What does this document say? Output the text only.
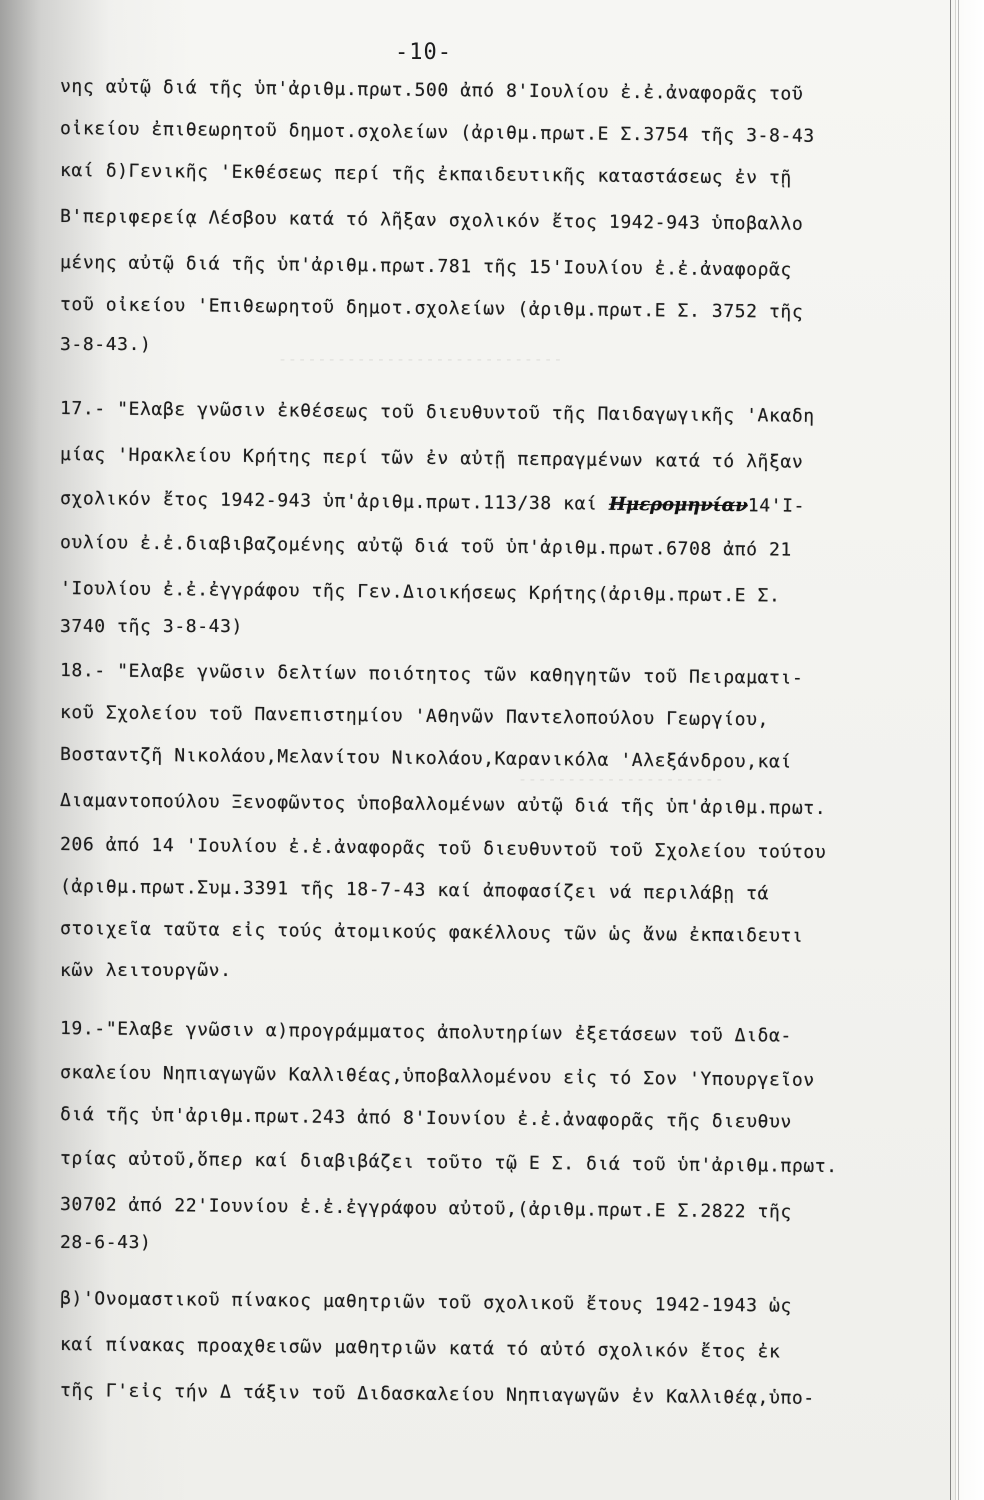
- - - - - - - - - - - - - - - - - - - - - - - - - - - - -
- - - - - - - - - - - - - - - - - - - - -
-10-
νης αὐτῷ διά τῆς ὑπ'ἀριθμ.πρωτ.500 ἀπό 8'Ιουλίου ἐ.ἐ.ἀναφορᾶς τοῦ
οἰκείου ἐπιθεωρητοῦ δημοτ.σχολείων (ἀριθμ.πρωτ.Ε Σ.3754 τῆς 3-8-43
καί δ)Γενικῆς 'Εκθέσεως περί τῆς ἐκπαιδευτικῆς καταστάσεως ἐν τῇ
Β'περιφερείᾳ Λέσβου κατά τό λῆξαν σχολικόν ἔτος 1942-943 ὑποβαλλο
μένης αὐτῷ διά τῆς ὑπ'ἀριθμ.πρωτ.781 τῆς 15'Ιουλίου ἐ.ἐ.ἀναφορᾶς
τοῦ οἰκείου 'Επιθεωρητοῦ δημοτ.σχολείων (ἀριθμ.πρωτ.Ε Σ. 3752 τῆς
3-8-43.)
17.- "Ελαβε γνῶσιν ἐκθέσεως τοῦ διευθυντοῦ τῆς Παιδαγωγικῆς 'Ακαδη
μίας 'Ηρακλείου Κρήτης περί τῶν ἐν αὐτῇ πεπραγμένων κατά τό λῆξαν
σχολικόν ἔτος 1942-943 ὑπ'ἀριθμ.πρωτ.113/38 καί Ημερομηνίαν14'Ι-
ουλίου ἐ.ἐ.διαβιβαζομένης αὐτῷ διά τοῦ ὑπ'ἀριθμ.πρωτ.6708 ἀπό 21
'Ιουλίου ἐ.ἐ.ἐγγράφου τῆς Γεν.Διοικήσεως Κρήτης(ἀριθμ.πρωτ.Ε Σ.
3740 τῆς 3-8-43)
18.- "Ελαβε γνῶσιν δελτίων ποιότητος τῶν καθηγητῶν τοῦ Πειραματι-
κοῦ Σχολείου τοῦ Πανεπιστημίου 'Αθηνῶν Παντελοπούλου Γεωργίου,
Βοσταντζῆ Νικολάου,Μελανίτου Νικολάου,Καρανικόλα 'Αλεξάνδρου,καί
Διαμαντοπούλου Ξενοφῶντος ὑποβαλλομένων αὐτῷ διά τῆς ὑπ'ἀριθμ.πρωτ.
206 ἀπό 14 'Ιουλίου ἐ.ἐ.ἀναφορᾶς τοῦ διευθυντοῦ τοῦ Σχολείου τούτου
(ἀριθμ.πρωτ.Συμ.3391 τῆς 18-7-43 καί ἀποφασίζει νά περιλάβῃ τά
στοιχεῖα ταῦτα εἰς τούς ἀτομικούς φακέλλους τῶν ὡς ἄνω ἐκπαιδευτι
κῶν λειτουργῶν.
19.-"Ελαβε γνῶσιν α)προγράμματος ἀπολυτηρίων ἐξετάσεων τοῦ Διδα-
σκαλείου Νηπιαγωγῶν Καλλιθέας,ὑποβαλλομένου εἰς τό Σον 'Υπουργεῖον
διά τῆς ὑπ'ἀριθμ.πρωτ.243 ἀπό 8'Ιουνίου ἐ.ἐ.ἀναφορᾶς τῆς διευθυν
τρίας αὐτοῦ,ὅπερ καί διαβιβάζει τοῦτο τῷ Ε Σ. διά τοῦ ὑπ'ἀριθμ.πρωτ.
30702 ἀπό 22'Ιουνίου ἐ.ἐ.ἐγγράφου αὐτοῦ,(ἀριθμ.πρωτ.Ε Σ.2822 τῆς
28-6-43)
β)'Ονομαστικοῦ πίνακος μαθητριῶν τοῦ σχολικοῦ ἔτους 1942-1943 ὡς
καί πίνακας προαχθεισῶν μαθητριῶν κατά τό αὐτό σχολικόν ἔτος ἐκ
τῆς Γ'εἰς τήν Δ τάξιν τοῦ Διδασκαλείου Νηπιαγωγῶν ἐν Καλλιθέᾳ,ὑπο-
